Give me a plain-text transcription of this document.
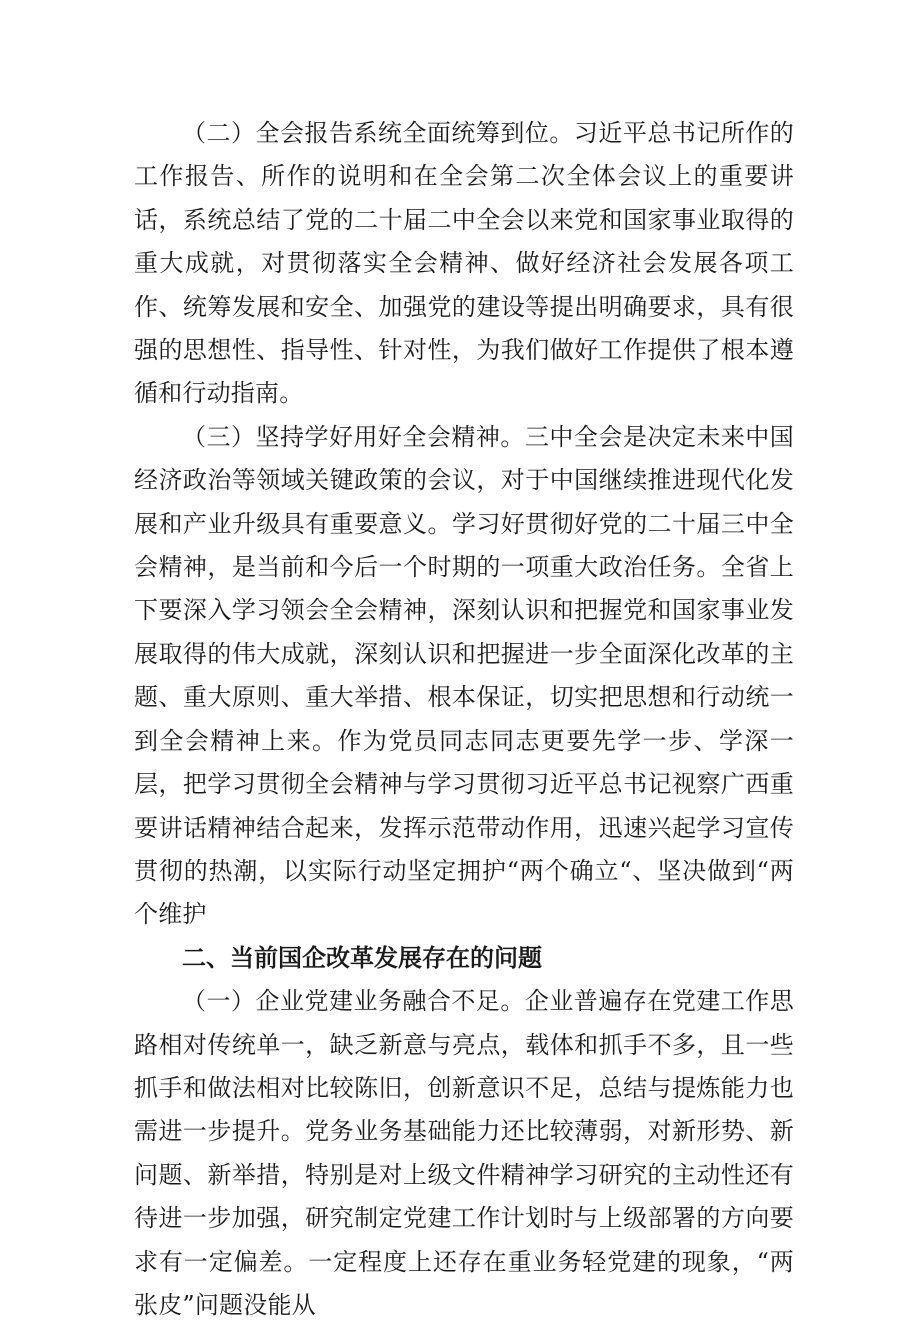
（二）全会报告系统全面统筹到位。习近平总书记所作的工作报告、所作的说明和在全会第二次全体会议上的重要讲话，系统总结了党的二十届二中全会以来党和国家事业取得的重大成就，对贯彻落实全会精神、做好经济社会发展各项工作、统筹发展和安全、加强党的建设等提出明确要求，具有很强的思想性、指导性、针对性，为我们做好工作提供了根本遵循和行动指南。

（三）坚持学好用好全会精神。三中全会是决定未来中国经济政治等领域关键政策的会议，对于中国继续推进现代化发展和产业升级具有重要意义。学习好贯彻好党的二十届三中全会精神，是当前和今后一个时期的一项重大政治任务。全省上下要深入学习领会全会精神，深刻认识和把握党和国家事业发展取得的伟大成就，深刻认识和把握进一步全面深化改革的主题、重大原则、重大举措、根本保证，切实把思想和行动统一到全会精神上来。作为党员同志同志更要先学一步、学深一层，把学习贯彻全会精神与学习贯彻习近平总书记视察广西重要讲话精神结合起来，发挥示范带动作用，迅速兴起学习宣传贯彻的热潮，以实际行动坚定拥护“两个确立“、坚决做到“两个维护

二、当前国企改革发展存在的问题

（一）企业党建业务融合不足。企业普遍存在党建工作思路相对传统单一，缺乏新意与亮点，载体和抓手不多，且一些抓手和做法相对比较陈旧，创新意识不足，总结与提炼能力也需进一步提升。党务业务基础能力还比较薄弱，对新形势、新问题、新举措，特别是对上级文件精神学习研究的主动性还有待进一步加强，研究制定党建工作计划时与上级部署的方向要求有一定偏差。一定程度上还存在重业务轻党建的现象，“两张皮”问题没能从
